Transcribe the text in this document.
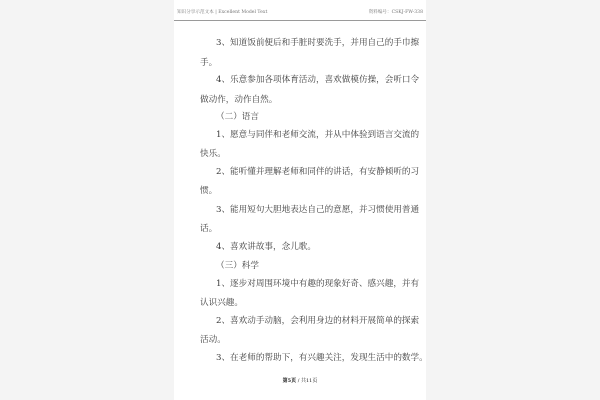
知识分享示范文本 | Excellent Model Text	资料编号：CSKJ-FW-338
3、知道饭前便后和手脏时要洗手，并用自己的手巾擦
手。
4、乐意参加各项体育活动，喜欢做模仿操，会听口令
做动作，动作自然。
（二）语言
1、愿意与同伴和老师交流，并从中体验到语言交流的
快乐。
2、能听懂并理解老师和同伴的讲话，有安静倾听的习
惯。
3、能用短句大胆地表达自己的意愿，并习惯使用普通
话。
4、喜欢讲故事，念儿歌。
（三）科学
1、逐步对周围环境中有趣的现象好奇、感兴趣，并有
认识兴趣。
2、喜欢动手动脑，会利用身边的材料开展简单的探索
活动。
3、在老师的帮助下，有兴趣关注，发现生活中的数学。
第5页 / 共11页
